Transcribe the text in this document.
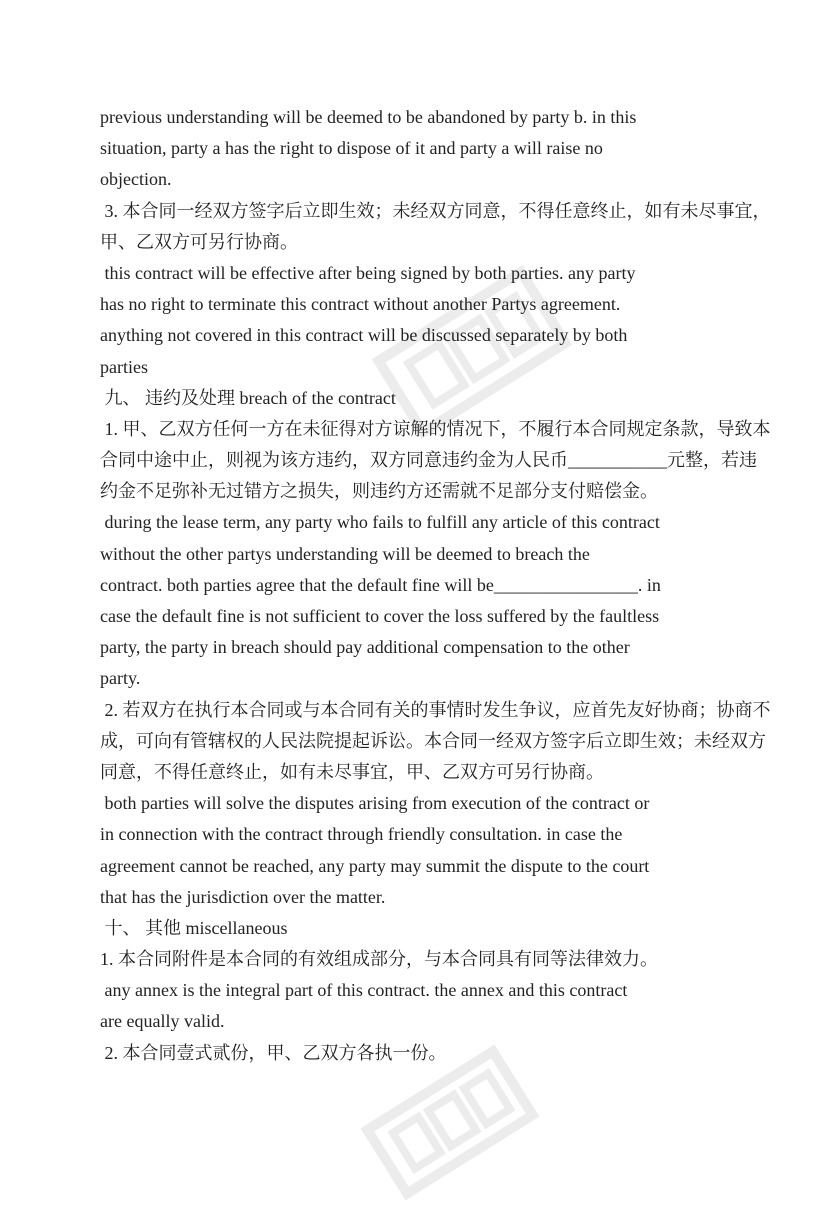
previous understanding will be deemed to be abandoned by party b. in this
situation, party a has the right to dispose of it and party a will raise no
objection.
3. 本合同一经双方签字后立即生效；未经双方同意，不得任意终止，如有未尽事宜，
甲、乙双方可另行协商。
this contract will be effective after being signed by both parties. any party
has no right to terminate this contract without another Partys agreement.
anything not covered in this contract will be discussed separately by both
parties
九、 违约及处理 breach of the contract
1. 甲、乙双方任何一方在未征得对方谅解的情况下，不履行本合同规定条款，导致本
合同中途中止，则视为该方违约，双方同意违约金为人民币___________元整，若违
约金不足弥补无过错方之损失，则违约方还需就不足部分支付赔偿金。
during the lease term, any party who fails to fulfill any article of this contract
without the other partys understanding will be deemed to breach the
contract. both parties agree that the default fine will be________________. in
case the default fine is not sufficient to cover the loss suffered by the faultless
party, the party in breach should pay additional compensation to the other
party.
2. 若双方在执行本合同或与本合同有关的事情时发生争议，应首先友好协商；协商不
成，可向有管辖权的人民法院提起诉讼。本合同一经双方签字后立即生效；未经双方
同意，不得任意终止，如有未尽事宜，甲、乙双方可另行协商。
both parties will solve the disputes arising from execution of the contract or
in connection with the contract through friendly consultation. in case the
agreement cannot be reached, any party may summit the dispute to the court
that has the jurisdiction over the matter.
十、 其他 miscellaneous
1. 本合同附件是本合同的有效组成部分，与本合同具有同等法律效力。
any annex is the integral part of this contract. the annex and this contract
are equally valid.
2. 本合同壹式贰份，甲、乙双方各执一份。
